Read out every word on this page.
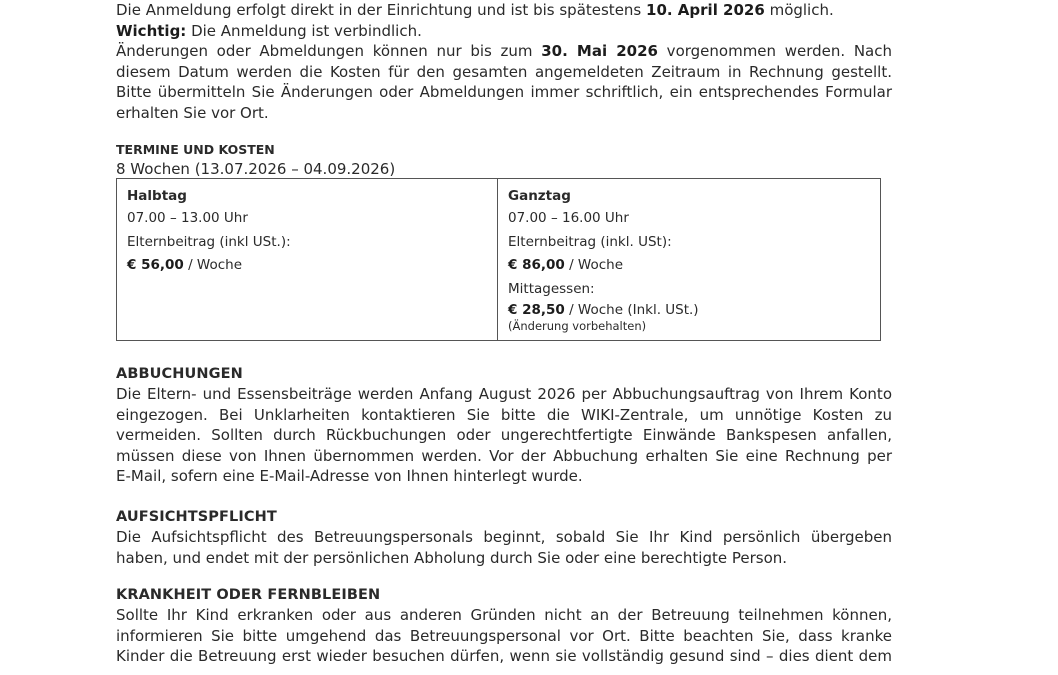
Die Anmeldung erfolgt direkt in der Einrichtung und ist bis spätestens 10. April 2026 möglich.

Wichtig: Die Anmeldung ist verbindlich.

Änderungen oder Abmeldungen können nur bis zum 30. Mai 2026 vorgenommen werden. Nach

diesem Datum werden die Kosten für den gesamten angemeldeten Zeitraum in Rechnung gestellt.

Bitte übermitteln Sie Änderungen oder Abmeldungen immer schriftlich, ein entsprechendes Formular

erhalten Sie vor Ort.

TERMINE UND KOSTEN

8 Wochen (13.07.2026 – 04.09.2026)

Halbtag
07.00 – 13.00 Uhr
Elternbeitrag (inkl USt.):
€ 56,00 / Woche

Ganztag
07.00 – 16.00 Uhr
Elternbeitrag (inkl. USt):
€ 86,00 / Woche
Mittagessen:
€ 28,50 / Woche (Inkl. USt.)
(Änderung vorbehalten)
ABBUCHUNGEN

Die Eltern- und Essensbeiträge werden Anfang August 2026 per Abbuchungsauftrag von Ihrem Konto

eingezogen. Bei Unklarheiten kontaktieren Sie bitte die WIKI-Zentrale, um unnötige Kosten zu

vermeiden. Sollten durch Rückbuchungen oder ungerechtfertigte Einwände Bankspesen anfallen,

müssen diese von Ihnen übernommen werden. Vor der Abbuchung erhalten Sie eine Rechnung per

E-Mail, sofern eine E-Mail-Adresse von Ihnen hinterlegt wurde.

AUFSICHTSPFLICHT

Die Aufsichtspflicht des Betreuungspersonals beginnt, sobald Sie Ihr Kind persönlich übergeben

haben, und endet mit der persönlichen Abholung durch Sie oder eine berechtigte Person.

KRANKHEIT ODER FERNBLEIBEN

Sollte Ihr Kind erkranken oder aus anderen Gründen nicht an der Betreuung teilnehmen können,

informieren Sie bitte umgehend das Betreuungspersonal vor Ort. Bitte beachten Sie, dass kranke

Kinder die Betreuung erst wieder besuchen dürfen, wenn sie vollständig gesund sind – dies dient dem
